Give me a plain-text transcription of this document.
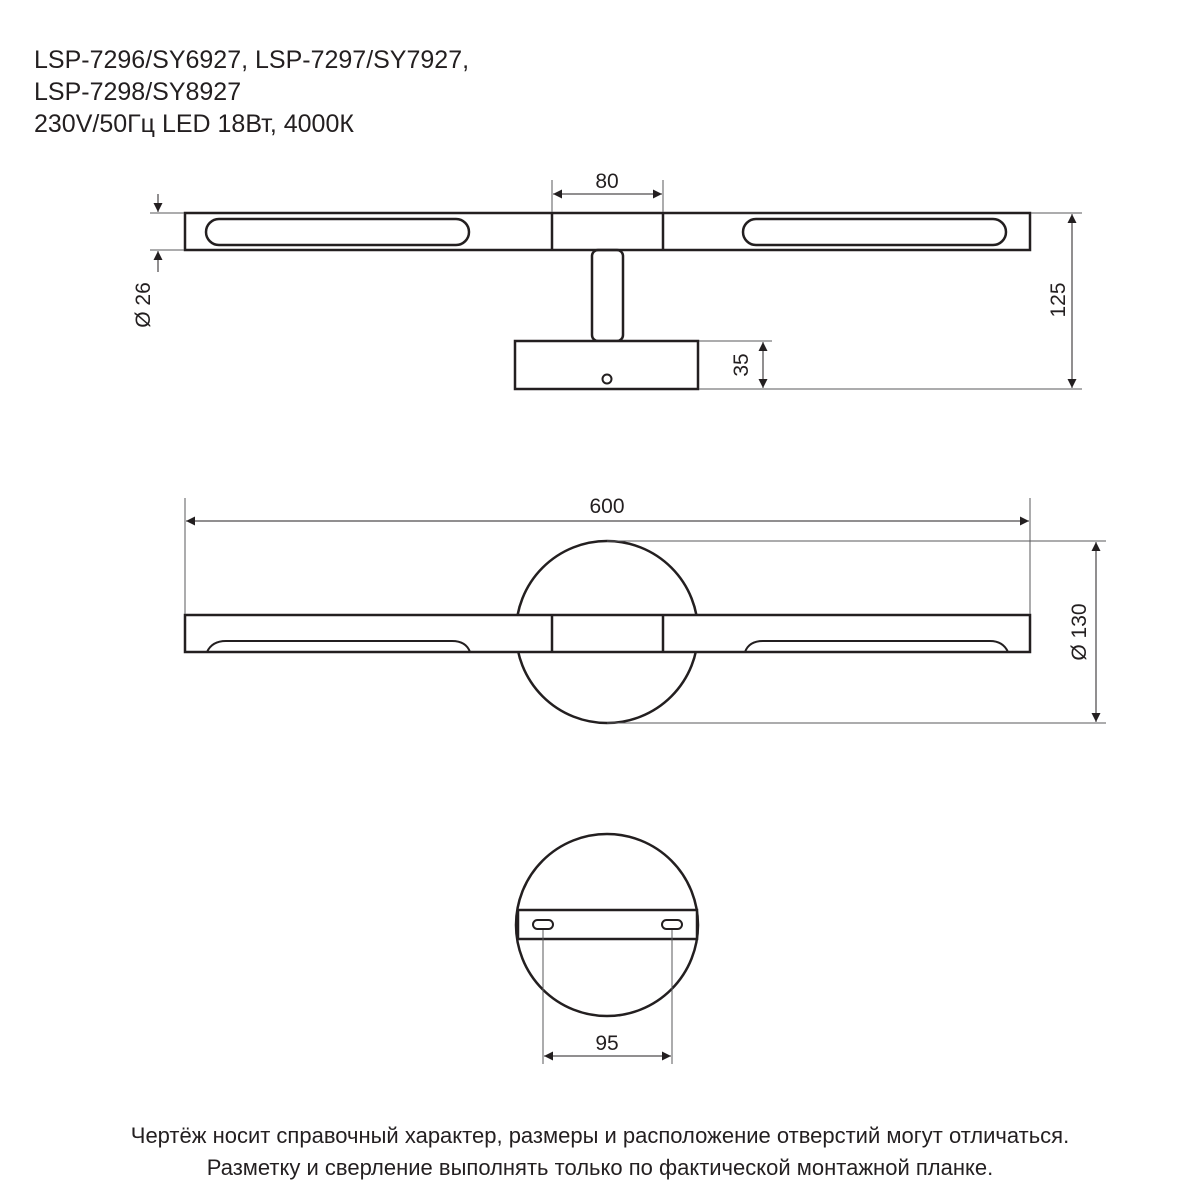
LSP-7296/SY6927, LSP-7297/SY7927,
LSP-7298/SY8927
230V/50Гц LED 18Вт, 4000К
80
Ø 26	125
35
600
Ø 130
95
Чертёж носит справочный характер, размеры и расположение отверстий могут отличаться.
Разметку и сверление выполнять только по фактической монтажной планке.
